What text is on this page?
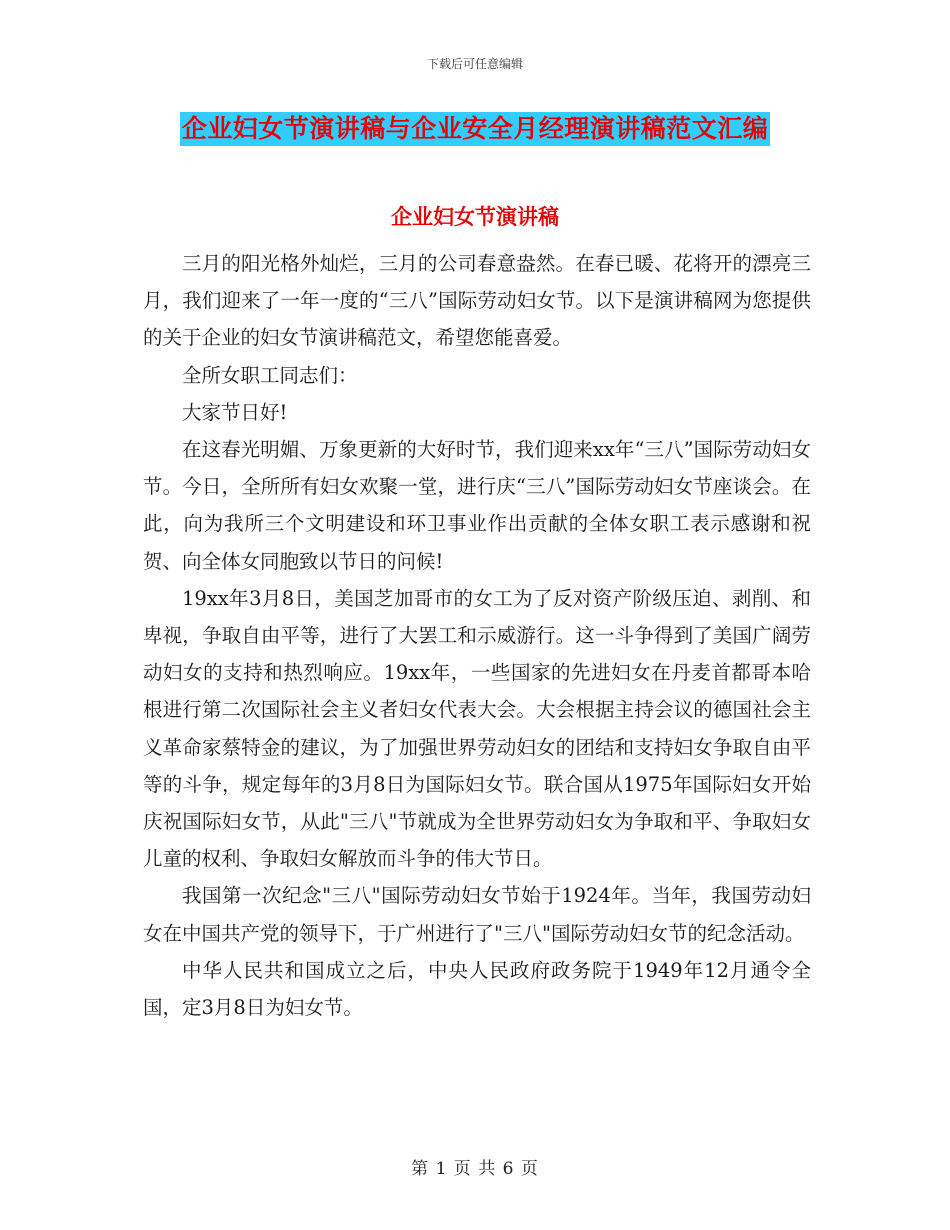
下载后可任意编辑
企业妇女节演讲稿与企业安全月经理演讲稿范文汇编
企业妇女节演讲稿

三月的阳光格外灿烂，三月的公司春意盎然。在春已暖、花将开的漂亮三月，我们迎来了一年一度的“三八”国际劳动妇女节。以下是演讲稿网为您提供的关于企业的妇女节演讲稿范文，希望您能喜爱。

全所女职工同志们：

大家节日好!

在这春光明媚、万象更新的大好时节，我们迎来xx年“三八”国际劳动妇女节。今日，全所所有妇女欢聚一堂，进行庆“三八”国际劳动妇女节座谈会。在此，向为我所三个文明建设和环卫事业作出贡献的全体女职工表示感谢和祝贺、向全体女同胞致以节日的问候!

19xx年3月8日，美国芝加哥市的女工为了反对资产阶级压迫、剥削、和卑视，争取自由平等，进行了大罢工和示威游行。这一斗争得到了美国广阔劳动妇女的支持和热烈响应。19xx年，一些国家的先进妇女在丹麦首都哥本哈根进行第二次国际社会主义者妇女代表大会。大会根据主持会议的德国社会主义革命家蔡特金的建议，为了加强世界劳动妇女的团结和支持妇女争取自由平等的斗争，规定每年的3月8日为国际妇女节。联合国从1975年国际妇女开始庆祝国际妇女节，从此"三八"节就成为全世界劳动妇女为争取和平、争取妇女儿童的权利、争取妇女解放而斗争的伟大节日。

我国第一次纪念"三八"国际劳动妇女节始于1924年。当年，我国劳动妇女在中国共产党的领导下，于广州进行了"三八"国际劳动妇女节的纪念活动。

中华人民共和国成立之后，中央人民政府政务院于1949年12月通令全国，定3月8日为妇女节。

第 1 页 共 6 页
